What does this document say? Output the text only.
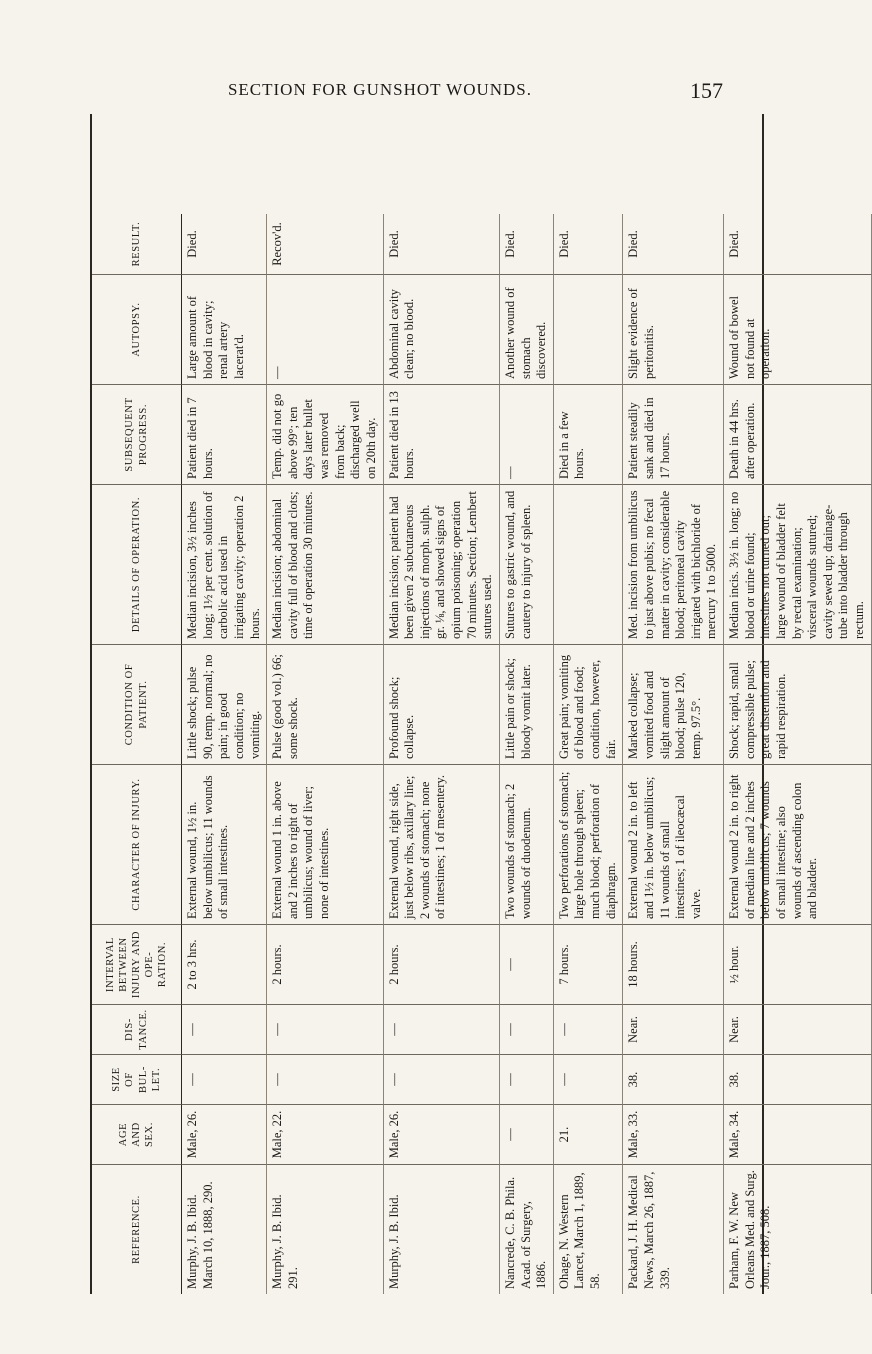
SECTION FOR GUNSHOT WOUNDS.	157
REFERENCE.
AGE AND SEX.
SIZE OF BUL-LET.
DIS-TANCE.
INTERVAL BETWEEN INJURY AND OPE-RATION.
CHARACTER OF INJURY.
CONDITION OF PATIENT.
DETAILS OF OPERATION.
SUBSEQUENT PROGRESS.
AUTOPSY.
RESULT.
Murphy, J. B. Ibid. March 10, 1888, 290.
Male, 26.
—
—
2 to 3 hrs.
External wound, 1½ in. below umbilicus; 11 wounds of small intestines.
Little shock; pulse 90, temp. normal; no pain; in good condition; no vomiting.
Median incision, 3½ inches long; 1½ per cent. solution of carbolic acid used in irrigating cavity; operation 2 hours.
Patient died in 7 hours.
Large amount of blood in cavity; renal artery lacerat'd.
Died.
Murphy, J. B. Ibid. 291.
Male, 22.
—
—
2 hours.
External wound 1 in. above and 2 inches to right of umbilicus; wound of liver; none of intestines.
Pulse (good vol.) 66; some shock.
Median incision; abdominal cavity full of blood and clots; time of operation 30 minutes.
Temp. did not go above 99°; ten days later bullet was removed from back; discharged well on 20th day.
—
Recov'd.
Murphy, J. B. Ibid.
Male, 26.
—
—
2 hours.
External wound, right side, just below ribs, axillary line; 2 wounds of stomach; none of intestines; 1 of mesentery.
Profound shock; collapse.
Median incision; patient had been given 2 subcutaneous injections of morph. sulph. gr. ⅛, and showed signs of opium poisoning; operation 70 minutes. Section; Lembert sutures used.
Patient died in 13 hours.
Abdominal cavity clean; no blood.
Died.
Nancrede, C. B. Phila. Acad. of Surgery, 1886.
—
—
—
—
Two wounds of stomach; 2 wounds of duodenum.
Little pain or shock; bloody vomit later.
Sutures to gastric wound, and cautery to injury of spleen.
—
Another wound of stomach discovered.
Died.
Ohage, N. Western Lancet, March 1, 1889, 58.
21.
—
—
7 hours.
Two perforations of stomach; large hole through spleen; much blood; perforation of diaphragm.
Great pain; vomiting of blood and food; condition, however, fair.
Died in a few hours.
Died.
Packard, J. H. Medical News, March 26, 1887, 339.
Male, 33.
38.
Near.
18 hours.
External wound 2 in. to left and 1½ in. below umbilicus; 11 wounds of small intestines; 1 of ileocæcal valve.
Marked collapse; vomited food and slight amount of blood; pulse 120, temp. 97.5°.
Med. incision from umbilicus to just above pubis; no fecal matter in cavity; considerable blood; peritoneal cavity irrigated with bichloride of mercury 1 to 5000.
Patient steadily sank and died in 17 hours.
Slight evidence of peritonitis.
Died.
Parham, F. W. New Orleans Med. and Surg. Jour., 1887, 508.
Male, 34.
38.
Near.
½ hour.
External wound 2 in. to right of median line and 2 inches below umbilicus; 7 wounds of small intestine; also wounds of ascending colon and bladder.
Shock; rapid, small compressible pulse; great distention and rapid respiration.
Median incis. 3½ in. long; no blood or urine found; intestines not turned out; large wound of bladder felt by rectal examination; visceral wounds sutured; cavity sewed up; drainage-tube into bladder through rectum.
Death in 44 hrs. after operation.
Wound of bowel not found at operation.
Died.
